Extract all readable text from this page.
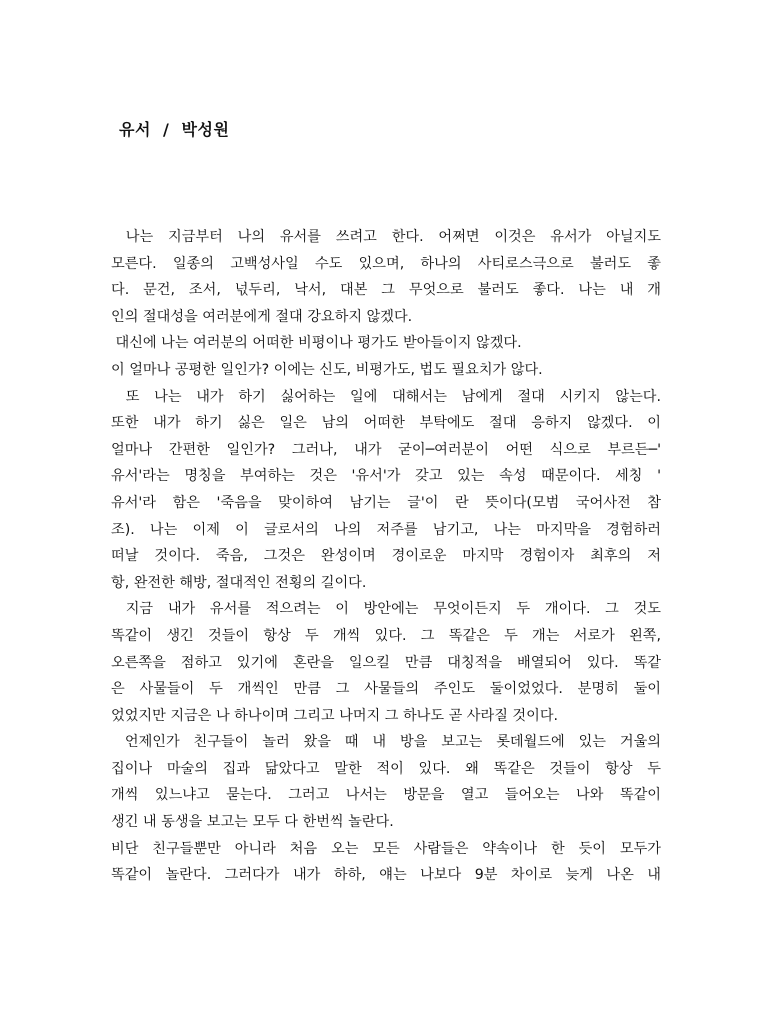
유서  /  박성원
나는 지금부터 나의 유서를 쓰려고 한다. 어쩌면 이것은 유서가 아닐지도
모른다. 일종의 고백성사일 수도 있으며, 하나의 사티로스극으로 불러도 좋
다. 문건, 조서, 넋두리, 낙서, 대본 그 무엇으로 불러도 좋다. 나는 내 개
인의 절대성을 여러분에게 절대 강요하지 않겠다.
대신에 나는 여러분의 어떠한 비평이나 평가도 받아들이지 않겠다.
이 얼마나 공평한 일인가? 이에는 신도, 비평가도, 법도 필요치가 않다.
또 나는 내가 하기 싫어하는 일에 대해서는 남에게 절대 시키지 않는다.
또한 내가 하기 싫은 일은 남의 어떠한 부탁에도 절대 응하지 않겠다. 이
얼마나 간편한 일인가? 그러나, 내가 굳이─여러분이 어떤 식으로 부르든─'
유서'라는 명칭을 부여하는 것은 '유서'가 갖고 있는 속성 때문이다. 세칭 '
유서'라 함은 '죽음을 맞이하여 남기는 글'이 란 뜻이다(모범 국어사전 참
조). 나는 이제 이 글로서의 나의 저주를 남기고, 나는 마지막을 경험하러
떠날 것이다. 죽음, 그것은 완성이며 경이로운 마지막 경험이자 최후의 저
항, 완전한 해방, 절대적인 전횡의 길이다.
지금 내가 유서를 적으려는 이 방안에는 무엇이든지 두 개이다. 그 것도
똑같이 생긴 것들이 항상 두 개씩 있다. 그 똑같은 두 개는 서로가 왼쪽,
오른쪽을 점하고 있기에 혼란을 일으킬 만큼 대칭적을 배열되어 있다. 똑같
은 사물들이 두 개씩인 만큼 그 사물들의 주인도 둘이었었다. 분명히 둘이
었었지만 지금은 나 하나이며 그리고 나머지 그 하나도 곧 사라질 것이다.
언제인가 친구들이 놀러 왔을 때 내 방을 보고는 롯데월드에 있는 거울의
집이나 마술의 집과 닮았다고 말한 적이 있다. 왜 똑같은 것들이 항상 두
개씩 있느냐고 묻는다. 그러고 나서는 방문을 열고 들어오는 나와 똑같이
생긴 내 동생을 보고는 모두 다 한번씩 놀란다.
비단 친구들뿐만 아니라 처음 오는 모든 사람들은 약속이나 한 듯이 모두가
똑같이 놀란다. 그러다가 내가 하하, 얘는 나보다 9분 차이로 늦게 나온 내
